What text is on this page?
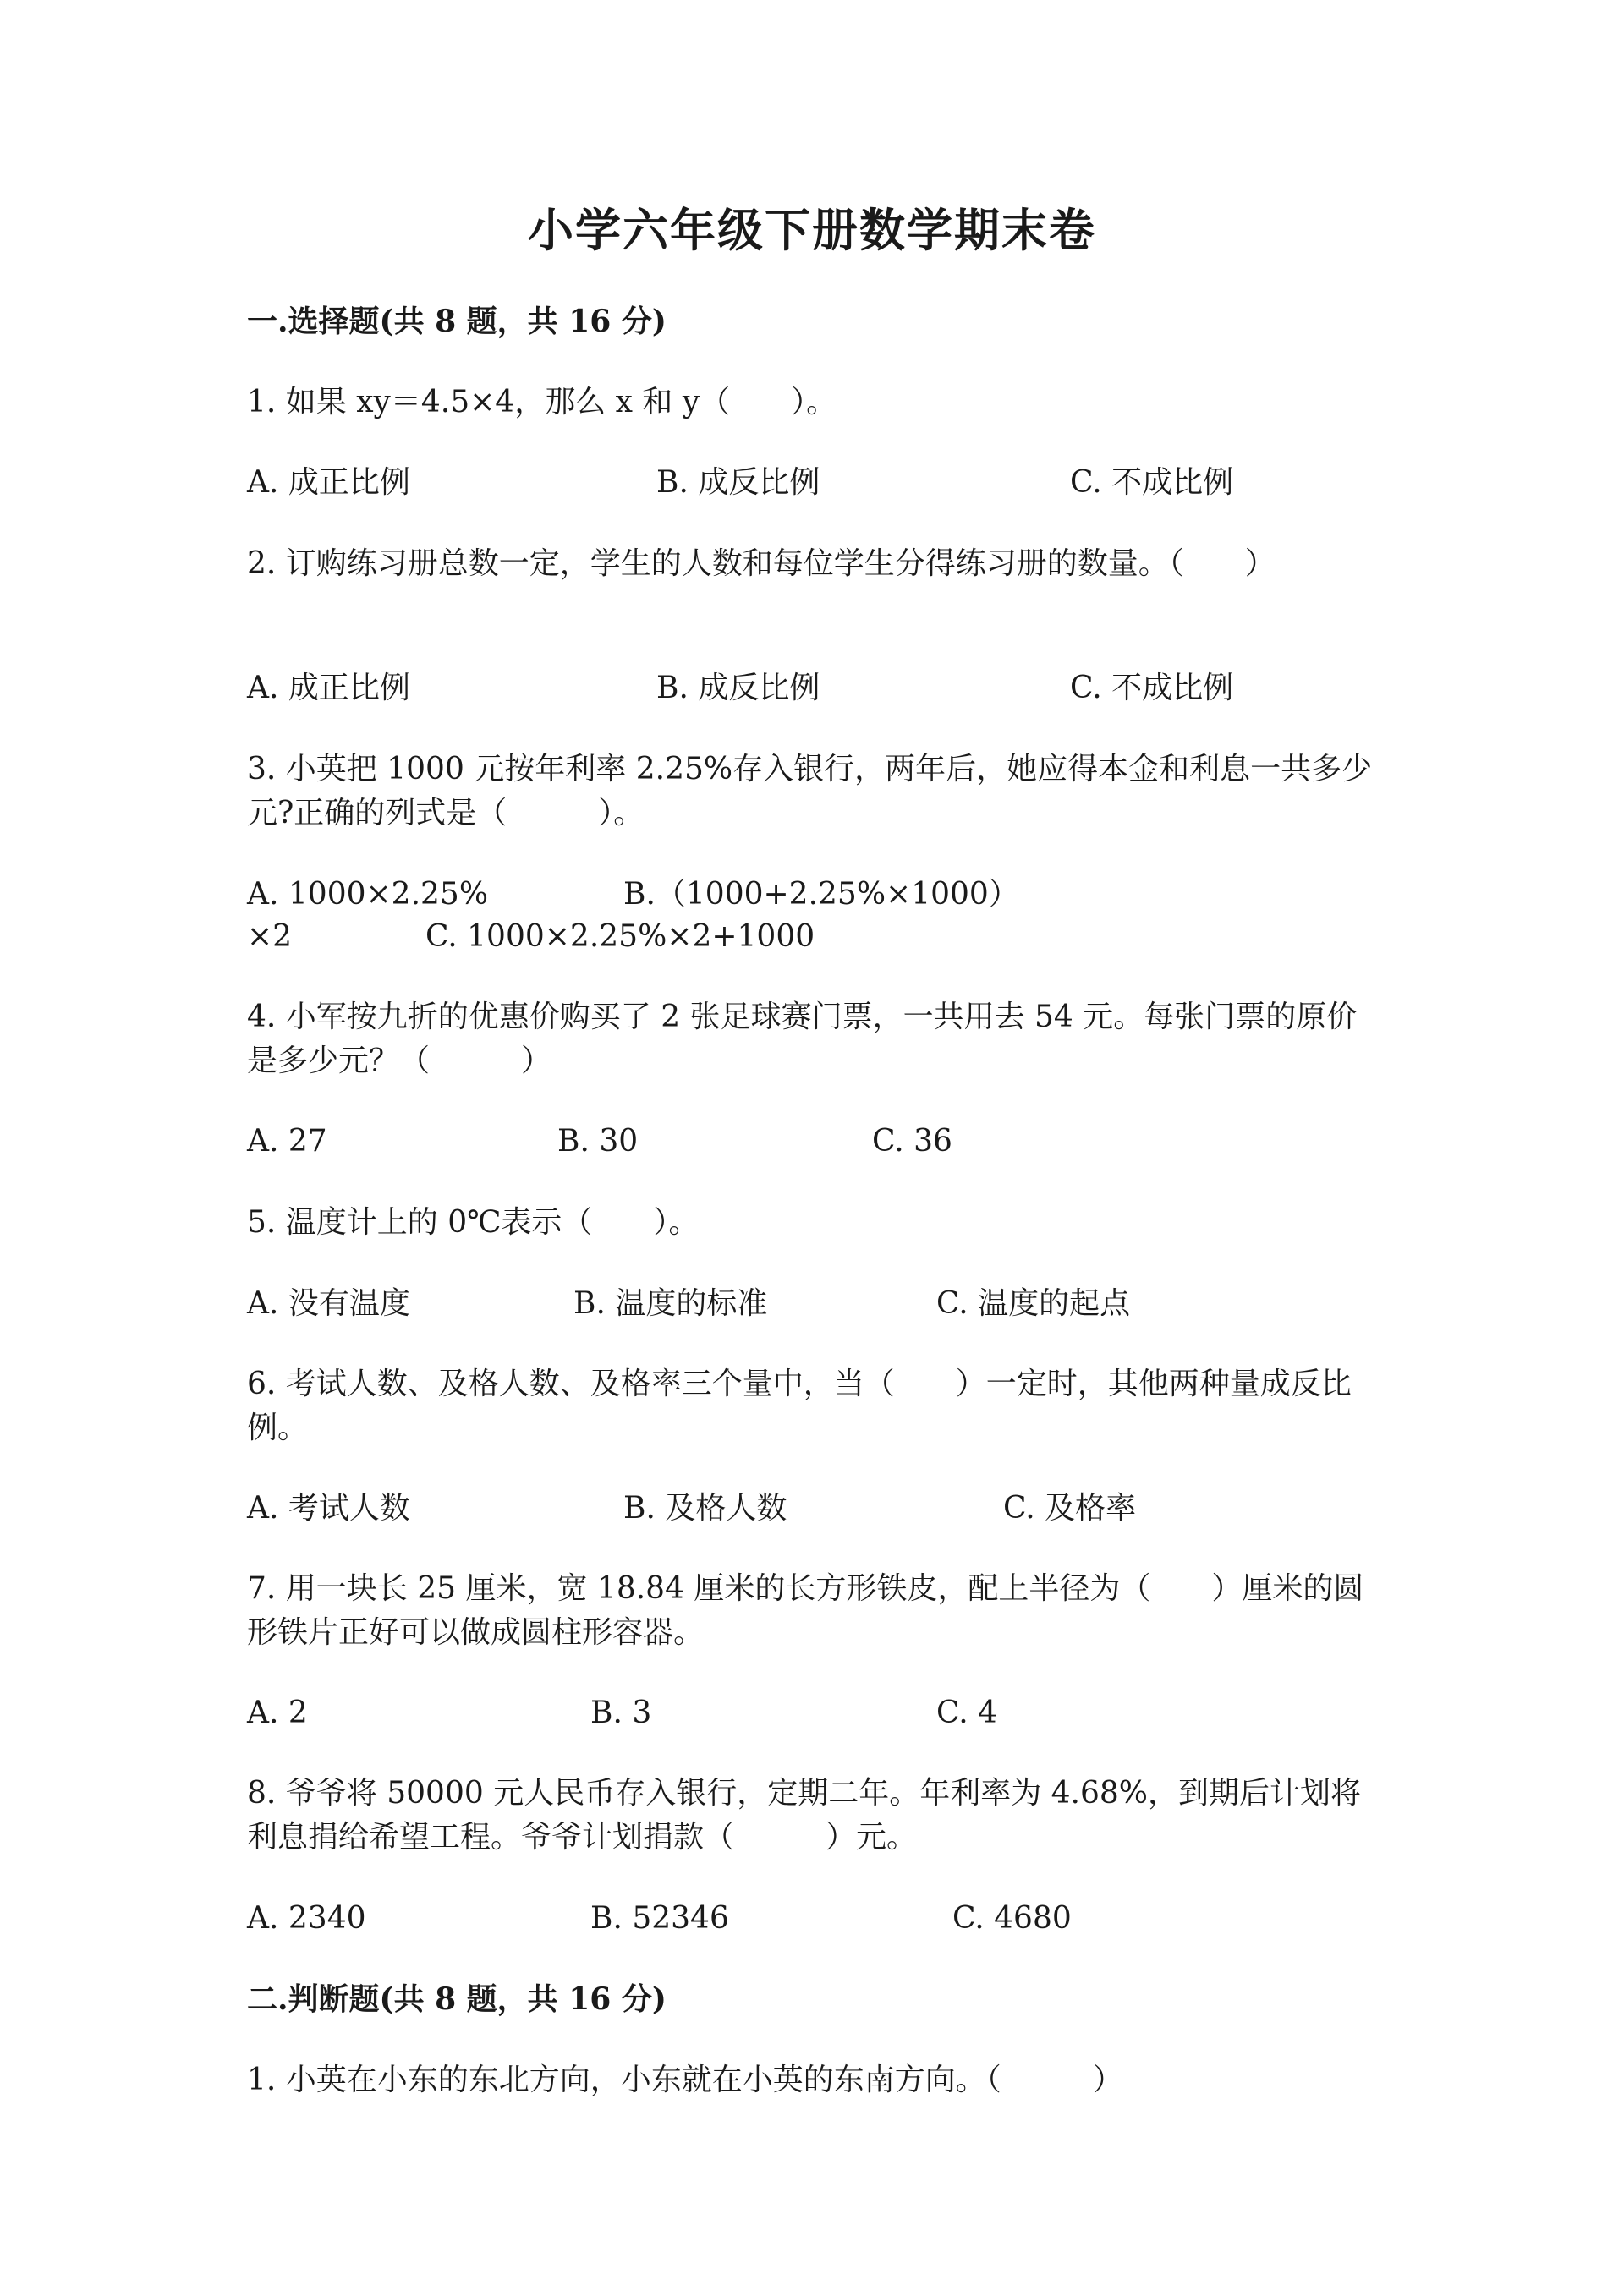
小学六年级下册数学期末卷
一.选择题(共 8 题，共 16 分)
1. 如果 xy＝4.5×4，那么 x 和 y（　　）。
A. 成正比例	B. 成反比例	C. 不成比例
2. 订购练习册总数一定，学生的人数和每位学生分得练习册的数量。（　　）
A. 成正比例	B. 成反比例	C. 不成比例
3. 小英把 1000 元按年利率 2.25%存入银行，两年后，她应得本金和利息一共多少元?正确的列式是（　　　）。
A. 1000×2.25%	B.（1000+2.25%×1000）
×2	C. 1000×2.25%×2+1000
4. 小军按九折的优惠价购买了 2 张足球赛门票，一共用去 54 元。每张门票的原价是多少元？（　　　）
A. 27	B. 30	C. 36
5. 温度计上的 0℃表示（　　）。
A. 没有温度	B. 温度的标准	C. 温度的起点
6. 考试人数、及格人数、及格率三个量中，当（　　）一定时，其他两种量成反比例。
A. 考试人数	B. 及格人数	C. 及格率
7. 用一块长 25 厘米，宽 18.84 厘米的长方形铁皮，配上半径为（　　）厘米的圆形铁片正好可以做成圆柱形容器。
A. 2	B. 3	C. 4
8. 爷爷将 50000 元人民币存入银行，定期二年。年利率为 4.68%，到期后计划将利息捐给希望工程。爷爷计划捐款（　　　）元。
A. 2340	B. 52346	C. 4680
二.判断题(共 8 题，共 16 分)
1. 小英在小东的东北方向，小东就在小英的东南方向。（　　　）
